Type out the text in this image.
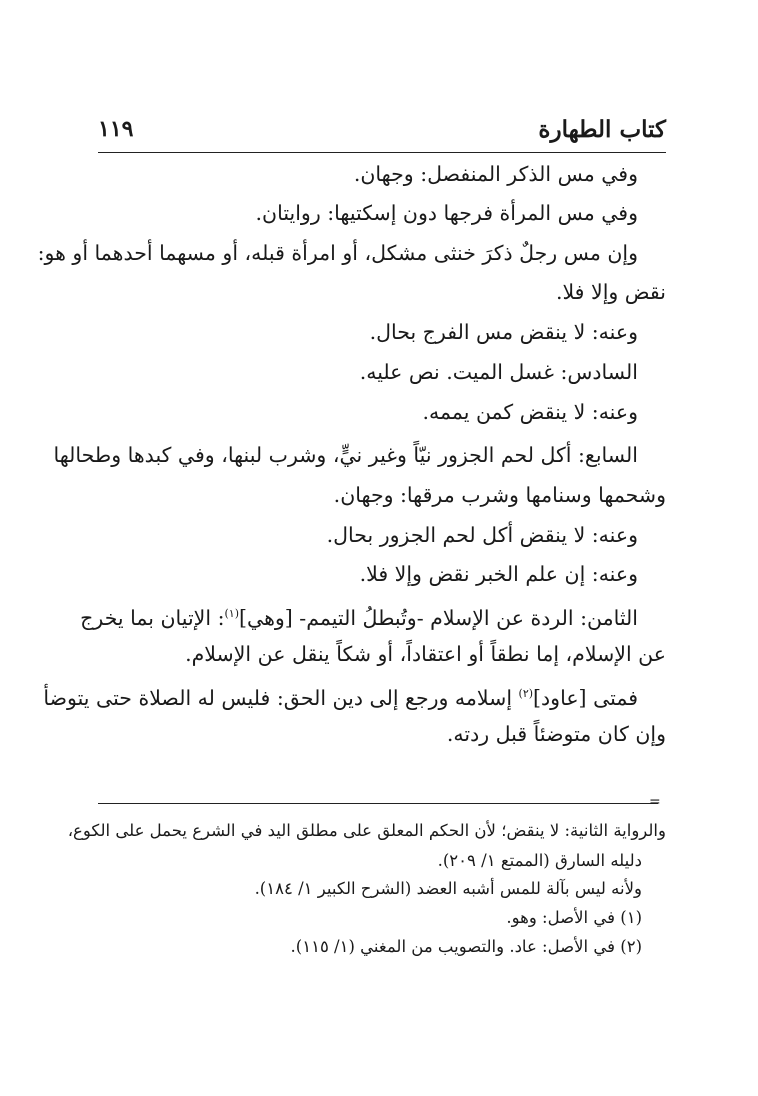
كتاب الطهارة
١١٩
وفي مس الذكر المنفصل: وجهان.
وفي مس المرأة فرجها دون إسكتيها: روايتان.
وإن مس رجلٌ ذكرَ خنثى مشكل، أو امرأة قبله، أو مسهما أحدهما أو هو:
نقض وإلا فلا.
وعنه: لا ينقض مس الفرج بحال.
السادس: غسل الميت. نص عليه.
وعنه: لا ينقض كمن يممه.
السابع: أكل لحم الجزور نيّاً وغير نيٍّ، وشرب لبنها، وفي كبدها وطحالها
وشحمها وسنامها وشرب مرقها: وجهان.
وعنه: لا ينقض أكل لحم الجزور بحال.
وعنه: إن علم الخبر نقض وإلا فلا.
الثامن: الردة عن الإسلام -وتُبطلُ التيمم- [وهي]$^{(١)}$: الإتيان بما يخرج
عن الإسلام، إما نطقاً أو اعتقاداً، أو شكاً ينقل عن الإسلام.
فمتى [عاود]$^{(٢)}$ إسلامه ورجع إلى دين الحق: فليس له الصلاة حتى يتوضأ
وإن كان متوضئاً قبل ردته.
=
والرواية الثانية: لا ينقض؛ لأن الحكم المعلق على مطلق اليد في الشرع يحمل على الكوع،
دليله السارق (الممتع ١/ ٢٠٩).
ولأنه ليس بآلة للمس أشبه العضد (الشرح الكبير ١/ ١٨٤).
(١) في الأصل: وهو.
(٢) في الأصل: عاد. والتصويب من المغني (١/ ١١٥).
